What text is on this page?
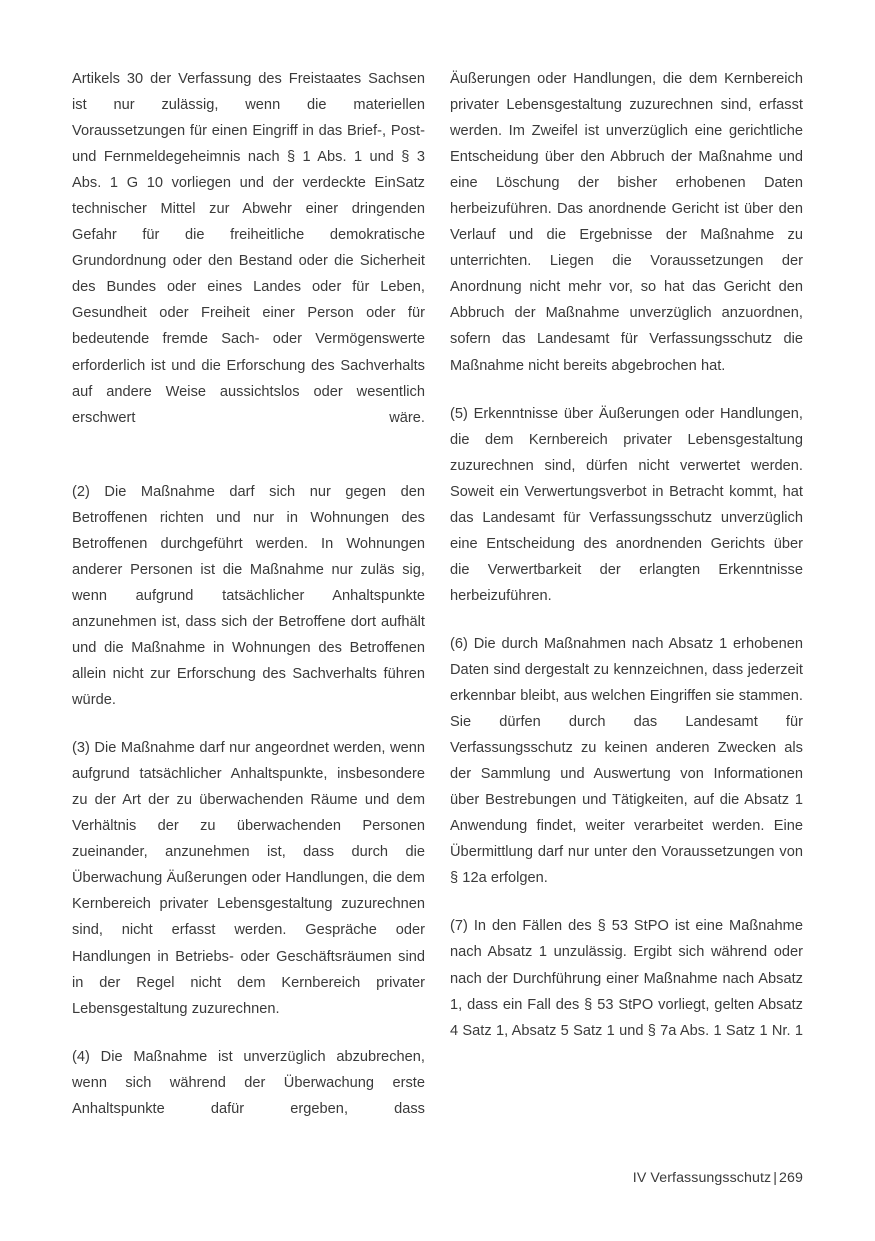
Artikels 30 der Verfassung des Freistaates Sachsen ist nur zulässig, wenn die materiellen Voraussetzungen für einen Eingriff in das Brief-, Post- und Fernmeldegeheimnis nach § 1 Abs. 1 und § 3 Abs. 1 G 10 vorliegen und der verdeckte EinSatz technischer Mittel zur Abwehr einer dringenden Gefahr für die freiheitliche demokratische Grundordnung oder den Bestand oder die Sicherheit des Bundes oder eines Landes oder für Leben, Gesundheit oder Freiheit einer Person oder für bedeutende fremde Sach- oder Vermögenswerte erforderlich ist und die Erforschung des Sachverhalts auf andere Weise aussichtslos oder wesentlich erschwert wäre.

(2) Die Maßnahme darf sich nur gegen den Betroffenen richten und nur in Wohnungen des Betroffenen durchgeführt werden. In Wohnungen anderer Personen ist die Maßnahme nur zuläs sig, wenn aufgrund tatsächlicher Anhaltspunkte anzunehmen ist, dass sich der Betroffene dort aufhält und die Maßnahme in Wohnungen des Betroffenen allein nicht zur Erforschung des Sachverhalts führen würde.

(3) Die Maßnahme darf nur angeordnet werden, wenn aufgrund tatsächlicher Anhaltspunkte, insbesondere zu der Art der zu überwachenden Räume und dem Verhältnis der zu überwachenden Personen zueinander, anzunehmen ist, dass durch die Überwachung Äußerungen oder Handlungen, die dem Kernbereich privater Lebensgestaltung zuzurechnen sind, nicht erfasst werden. Gespräche oder Handlungen in Betriebs- oder Geschäftsräumen sind in der Regel nicht dem Kernbereich privater Lebensgestaltung zuzurechnen.

(4) Die Maßnahme ist unverzüglich abzubrechen, wenn sich während der Überwachung erste Anhaltspunkte dafür ergeben, dass

Äußerungen oder Handlungen, die dem Kernbereich privater Lebensgestaltung zuzurechnen sind, erfasst werden. Im Zweifel ist unverzüglich eine gerichtliche Entscheidung über den Abbruch der Maßnahme und eine Löschung der bisher erhobenen Daten herbeizuführen. Das anordnende Gericht ist über den Verlauf und die Ergebnisse der Maßnahme zu unterrichten. Liegen die Voraussetzungen der Anordnung nicht mehr vor, so hat das Gericht den Abbruch der Maßnahme unverzüglich anzuordnen, sofern das Landesamt für Verfassungsschutz die Maßnahme nicht bereits abgebrochen hat.

(5) Erkenntnisse über Äußerungen oder Handlungen, die dem Kernbereich privater Lebensgestaltung zuzurechnen sind, dürfen nicht verwertet werden. Soweit ein Verwertungsverbot in Betracht kommt, hat das Landesamt für Verfassungsschutz unverzüglich eine Entscheidung des anordnenden Gerichts über die Verwertbarkeit der erlangten Erkenntnisse herbeizuführen.

(6) Die durch Maßnahmen nach Absatz 1 erhobenen Daten sind dergestalt zu kennzeichnen, dass jederzeit erkennbar bleibt, aus welchen Eingriffen sie stammen. Sie dürfen durch das Landesamt für Verfassungsschutz zu keinen anderen Zwecken als der Sammlung und Auswertung von Informationen über Bestrebungen und Tätigkeiten, auf die Absatz 1 Anwendung findet, weiter verarbeitet werden. Eine Übermittlung darf nur unter den Voraussetzungen von § 12a erfolgen.

(7) In den Fällen des § 53 StPO ist eine Maßnahme nach Absatz 1 unzulässig. Ergibt sich während oder nach der Durchführung einer Maßnahme nach Absatz 1, dass ein Fall des § 53 StPO vorliegt, gelten Absatz 4 Satz 1, Absatz 5 Satz 1 und § 7a Abs. 1 Satz 1 Nr. 1

IV Verfassungsschutz | 269
